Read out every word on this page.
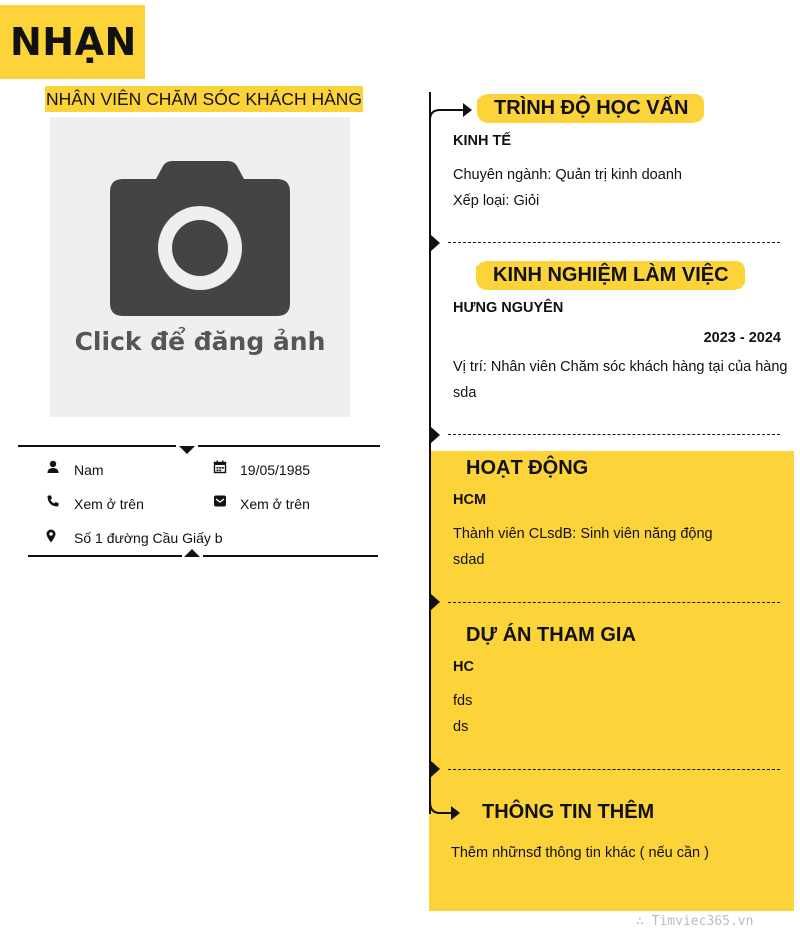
NHẠN
NHÂN VIÊN CHĂM SÓC KHÁCH HÀNG
Click để đăng ảnh
Nam	19/05/1985
Xem ở trên	Xem ở trên
Số 1 đường Cầu Giấy b
TRÌNH ĐỘ HỌC VẤN
KINH TẾ
Chuyên ngành: Quản trị kinh doanh
Xếp loại: Giỏi
KINH NGHIỆM LÀM VIỆC
HƯNG NGUYÊN
2023 - 2024
Vị trí: Nhân viên Chăm sóc khách hàng tại của hàng
sda
HOẠT ĐỘNG
HCM
Thành viên CLsdB: Sinh viên năng động
sdad
DỰ ÁN THAM GIA
HC
fds
ds
THÔNG TIN THÊM
Thêm nhữnsđ thông tin khác ( nếu cần )
∴ Timviec365.vn
